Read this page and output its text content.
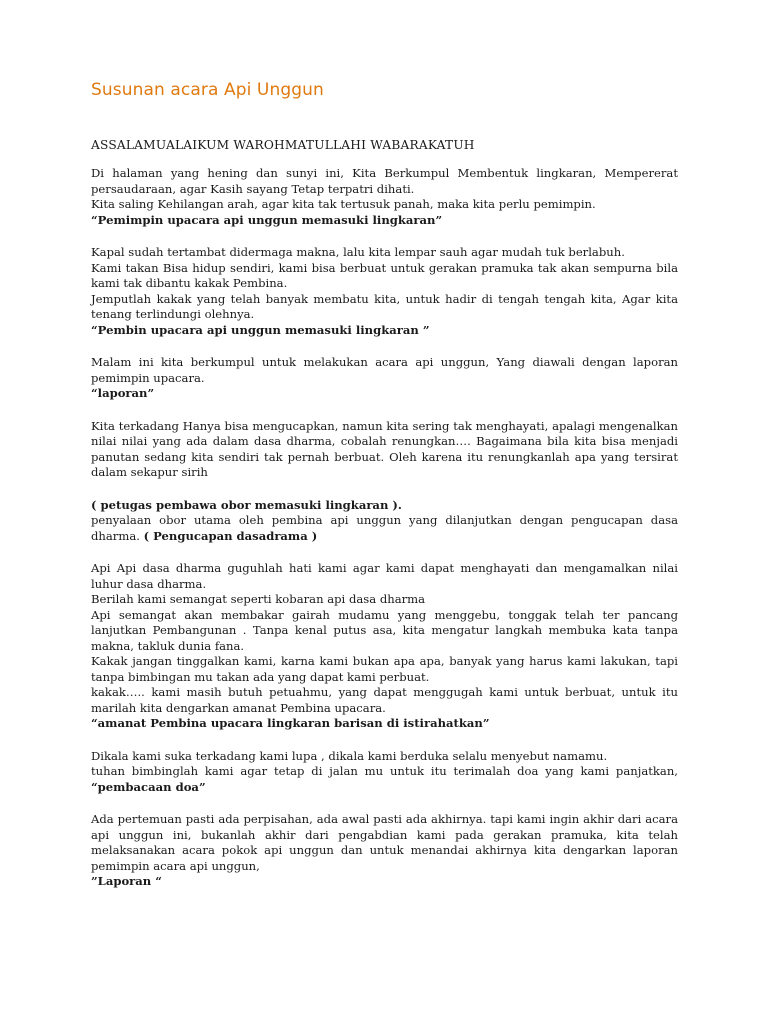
Susunan acara Api Unggun
ASSALAMUALAIKUM WAROHMATULLAHI WABARAKATUH
Di halaman yang hening dan sunyi ini, Kita Berkumpul Membentuk lingkaran, Mempererat persaudaraan, agar Kasih sayang Tetap terpatri dihati.
Kita saling Kehilangan arah, agar kita tak tertusuk panah, maka kita perlu pemimpin.
“Pemimpin upacara api unggun memasuki lingkaran”
Kapal sudah tertambat didermaga makna, lalu kita lempar sauh agar mudah tuk berlabuh.
Kami takan Bisa hidup sendiri, kami bisa berbuat untuk gerakan pramuka tak akan sempurna bila kami tak dibantu kakak Pembina.
Jemputlah kakak yang telah banyak membatu kita, untuk hadir di tengah tengah kita, Agar kita tenang terlindungi olehnya.
“Pembin upacara api unggun memasuki lingkaran ”
Malam ini kita berkumpul untuk melakukan acara api unggun, Yang diawali dengan laporan pemimpin upacara.
“laporan”
Kita terkadang Hanya bisa mengucapkan, namun kita sering tak menghayati, apalagi mengenalkan nilai nilai yang ada dalam dasa dharma, cobalah renungkan…. Bagaimana bila kita bisa menjadi panutan sedang kita sendiri tak pernah berbuat. Oleh karena itu renungkanlah apa yang tersirat dalam sekapur sirih
( petugas pembawa obor memasuki lingkaran ).
penyalaan obor utama oleh pembina api unggun yang dilanjutkan dengan pengucapan dasa dharma. ( Pengucapan dasadrama )
Api Api dasa dharma guguhlah hati kami agar kami dapat menghayati dan mengamalkan nilai luhur dasa dharma.
Berilah kami semangat seperti kobaran api dasa dharma
Api semangat akan membakar gairah mudamu yang menggebu, tonggak telah ter pancang lanjutkan Pembangunan . Tanpa kenal putus asa, kita mengatur langkah membuka kata tanpa makna, takluk dunia fana.
Kakak jangan tinggalkan kami, karna kami bukan apa apa, banyak yang harus kami lakukan, tapi tanpa bimbingan mu takan ada yang dapat kami perbuat.
kakak….. kami masih butuh petuahmu, yang dapat menggugah kami untuk berbuat, untuk itu marilah kita dengarkan amanat Pembina upacara.
“amanat Pembina upacara lingkaran barisan di istirahatkan”
Dikala kami suka terkadang kami lupa , dikala kami berduka selalu menyebut namamu.
tuhan bimbinglah kami agar tetap di jalan mu untuk itu terimalah doa yang kami panjatkan, “pembacaan doa”
Ada pertemuan pasti ada perpisahan, ada awal pasti ada akhirnya. tapi kami ingin akhir dari acara api unggun ini, bukanlah akhir dari pengabdian kami pada gerakan pramuka, kita telah melaksanakan acara pokok api unggun dan untuk menandai akhirnya kita dengarkan laporan pemimpin acara api unggun,
”Laporan “
